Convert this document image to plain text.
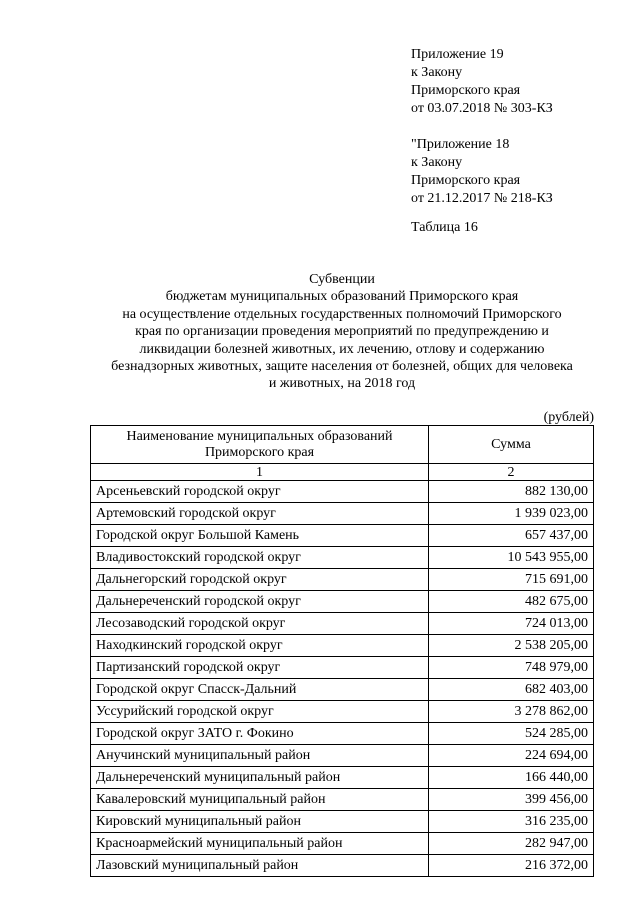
Приложение 19
к Закону
Приморского края
от 03.07.2018 № 303-КЗ
"Приложение 18
к Закону
Приморского края
от 21.12.2017 № 218-КЗ
Таблица 16
Субвенции
бюджетам муниципальных образований Приморского края
на осуществление отдельных государственных полномочий Приморского
края по организации проведения мероприятий по предупреждению и
ликвидации болезней животных, их лечению, отлову и содержанию
безнадзорных животных, защите населения от болезней, общих для человека
и животных, на 2018 год
(рублей)
Наименование муниципальных образований Приморского края	Сумма
1	2
Арсеньевский городской округ	882 130,00
Артемовский городской округ	1 939 023,00
Городской округ Большой Камень	657 437,00
Владивостокский городской округ	10 543 955,00
Дальнегорский городской округ	715 691,00
Дальнереченский городской округ	482 675,00
Лесозаводский городской округ	724 013,00
Находкинский городской округ	2 538 205,00
Партизанский городской округ	748 979,00
Городской округ Спасск-Дальний	682 403,00
Уссурийский городской округ	3 278 862,00
Городской округ ЗАТО г. Фокино	524 285,00
Анучинский муниципальный район	224 694,00
Дальнереченский муниципальный район	166 440,00
Кавалеровский муниципальный район	399 456,00
Кировский муниципальный район	316 235,00
Красноармейский муниципальный район	282 947,00
Лазовский муниципальный район	216 372,00
